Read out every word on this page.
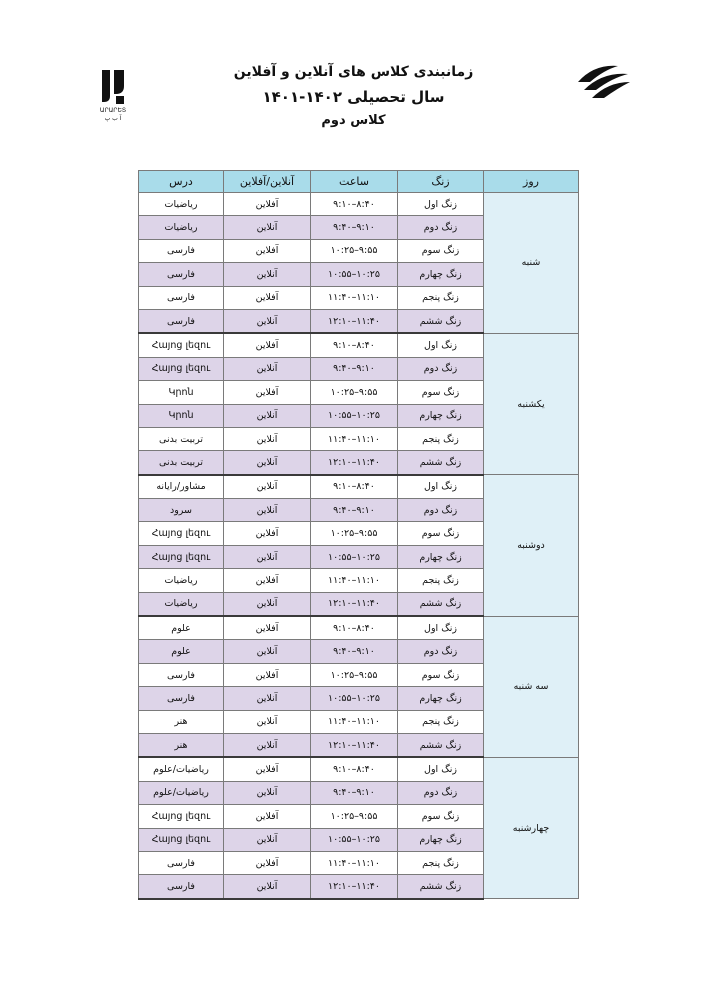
ԱՐԱՐԵՏ
آ ب پ
زمانبندی کلاس های آنلاین و آفلاین
سال تحصیلی ۱۴۰۲-۱۴۰۱
کلاس دوم
روز	زنگ	ساعت	آنلاین/آفلاین	درس
شنبه	زنگ اول	۹:۱۰–۸:۴۰	آفلاین	ریاضیات
	زنگ دوم	۹:۴۰–۹:۱۰	آنلاین	ریاضیات
	زنگ سوم	۱۰:۲۵–۹:۵۵	آفلاین	فارسی
	زنگ چهارم	۱۰:۵۵–۱۰:۲۵	آنلاین	فارسی
	زنگ پنجم	۱۱:۴۰–۱۱:۱۰	آفلاین	فارسی
	زنگ ششم	۱۲:۱۰–۱۱:۴۰	آنلاین	فارسی
یکشنبه	زنگ اول	۹:۱۰–۸:۴۰	آفلاین	Հայոց լեզու
	زنگ دوم	۹:۴۰–۹:۱۰	آنلاین	Հայոց լեզու
	زنگ سوم	۱۰:۲۵–۹:۵۵	آفلاین	Կրոն
	زنگ چهارم	۱۰:۵۵–۱۰:۲۵	آنلاین	Կրոն
	زنگ پنجم	۱۱:۴۰–۱۱:۱۰	آنلاین	تربیت بدنی
	زنگ ششم	۱۲:۱۰–۱۱:۴۰	آنلاین	تربیت بدنی
دوشنبه	زنگ اول	۹:۱۰–۸:۴۰	آنلاین	مشاور/رایانه
	زنگ دوم	۹:۴۰–۹:۱۰	آنلاین	سرود
	زنگ سوم	۱۰:۲۵–۹:۵۵	آفلاین	Հայոց լեզու
	زنگ چهارم	۱۰:۵۵–۱۰:۲۵	آنلاین	Հայոց լեզու
	زنگ پنجم	۱۱:۴۰–۱۱:۱۰	آفلاین	ریاضیات
	زنگ ششم	۱۲:۱۰–۱۱:۴۰	آنلاین	ریاضیات
سه شنبه	زنگ اول	۹:۱۰–۸:۴۰	آفلاین	علوم
	زنگ دوم	۹:۴۰–۹:۱۰	آنلاین	علوم
	زنگ سوم	۱۰:۲۵–۹:۵۵	آفلاین	فارسی
	زنگ چهارم	۱۰:۵۵–۱۰:۲۵	آنلاین	فارسی
	زنگ پنجم	۱۱:۴۰–۱۱:۱۰	آنلاین	هنر
	زنگ ششم	۱۲:۱۰–۱۱:۴۰	آنلاین	هنر
چهارشنبه	زنگ اول	۹:۱۰–۸:۴۰	آفلاین	ریاضیات/علوم
	زنگ دوم	۹:۴۰–۹:۱۰	آنلاین	ریاضیات/علوم
	زنگ سوم	۱۰:۲۵–۹:۵۵	آفلاین	Հայոց լեզու
	زنگ چهارم	۱۰:۵۵–۱۰:۲۵	آنلاین	Հայոց լեզու
	زنگ پنجم	۱۱:۴۰–۱۱:۱۰	آفلاین	فارسی
	زنگ ششم	۱۲:۱۰–۱۱:۴۰	آنلاین	فارسی
